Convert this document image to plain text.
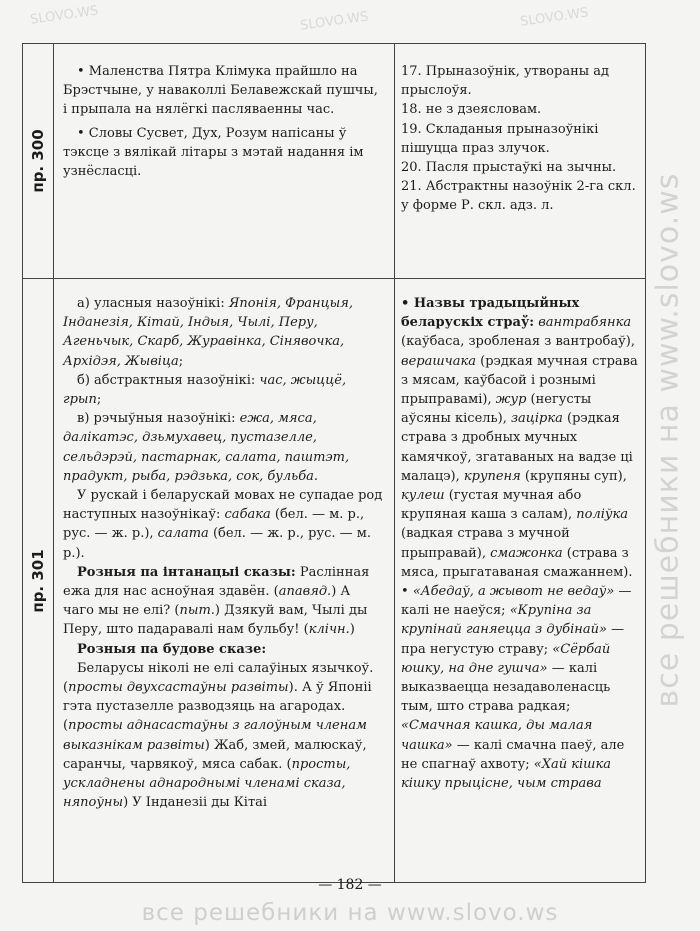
все решебники на www.slovo.ws
все решебники на www.slovo.ws
SLOVO.WS	SLOVO.WS	SLOVO.WS
пр. 300

• Маленства Пятра Клімука прайшло на Брэстчыне, у наваколлі Белавежскай пушчы, і прыпала на нялёгкі пасляваенны час.

• Словы Сусвет, Дух, Розум напісаны ў тэксце з вялікай літары з мэтай надання ім узнёсласці.

17. Прыназоўнік, утвораны ад прыслоўя.

18. не з дзеясловам.

19. Складаныя прыназоўнікі пішуцца праз злучок.

20. Пасля прыстаўкі на зычны.

21. Абстрактны назоўнік 2-га скл. у форме Р. скл. адз. л.

пр. 301

а) уласныя назоўнікі: Японія, Францыя, Інданезія, Кітай, Індыя, Чылі, Перу, Агеньчык, Скарб, Журавінка, Сінявочка, Архідэя, Жывіца;

б) абстрактныя назоўнікі: час, жыццё, грып;

в) рэчыўныя назоўнікі: ежа, мяса, далікатэс, дзьмухавец, пустазелле, сельдэрэй, пастарнак, салата, паштэт, прадукт, рыба, рэдзька, сок, бульба.

У рускай і беларускай мовах не супадае род наступных назоўнікаў: сабака (бел. — м. р., рус. — ж. р.), салата (бел. — ж. р., рус. — м. р.).

Розныя па інтанацыі сказы: Раслінная ежа для нас асноўная здавён. (апавяд.) А чаго мы не елі? (пыт.) Дзякуй вам, Чылі ды Перу, што падаравалі нам бульбу! (клічн.)

Розныя па будове сказе:

Беларусы ніколі не елі салаўіных язычкоў. (просты двухсастаўны развіты). А ў Японіі гэта пустазелле разводзяць на агародах. (просты аднасастаўны з галоўным членам выказнікам развіты) Жаб, змей, малюскаў, саранчы, чарвякоў, мяса сабак. (просты, ускладнены аднароднымі членамі сказа, няпоўны) У Інданезіі ды Кітаі

• Назвы традыцыйных беларускіх страў: вантрабянка (каўбаса, зробленая з вантробаў), верашчака (рэдкая мучная страва з мясам, каўбасой і рознымі прыправамі), жур (негусты аўсяны кісель), зацірка (рэдкая страва з дробных мучных камячкоў, згатаваных на вадзе ці малацэ), крупеня (крупяны суп), кулеш (густая мучная або крупяная каша з салам), поліўка (вадкая страва з мучной прыправай), смажонка (страва з мяса, прыгатаваная смажаннем).

• «Абедаў, а жывот не ведаў» — калі не наеўся; «Крупіна за крупінай ганяецца з дубінай» — пра негустую страву; «Сёрбай юшку, на дне гушча» — калі выказваецца незадаволенасць тым, што страва радкая; «Смачная кашка, ды малая чашка» — калі смачна паеў, але не спагнаў ахвоту; «Хай кішка кішку прыцісне, чым страва

— 182 —
